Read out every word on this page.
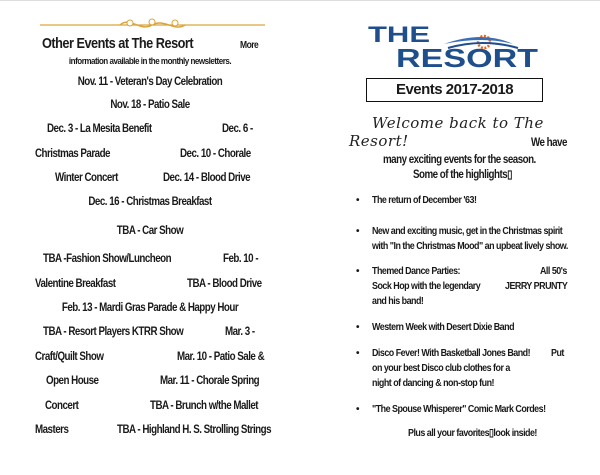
Other Events at The Resort	More
information available in the monthly newsletters.
Nov. 11 - Veteran's Day Celebration
Nov. 18 - Patio Sale
Dec. 3 - La Mesita Benefit	Dec. 6 -
Christmas Parade	Dec. 10 - Chorale
Winter Concert	Dec. 14 - Blood Drive
Dec. 16 - Christmas Breakfast
TBA - Car Show
TBA -Fashion Show/Luncheon	Feb. 10 -
Valentine Breakfast	TBA - Blood Drive
Feb. 13 - Mardi Gras Parade & Happy Hour
TBA - Resort Players KTRR Show	Mar. 3 -
Craft/Quilt Show	Mar. 10 - Patio Sale &
Open House	Mar. 11 - Chorale Spring
Concert	TBA - Brunch w/the Mallet
Masters	TBA - Highland H. S. Strolling Strings
THE
RESORT
Events 2017-2018
Welcome back to The
Resort!	We have
many exciting events for the season.
Some of the highlights▯
• The return of December '63!
• New and exciting music, get in the Christmas spirit
with "In the Christmas Mood" an upbeat lively show.
• Themed Dance Parties:	All 50's
Sock Hop with the legendary JERRY PRUNTY
and his band!
• Western Week with Desert Dixie Band
• Disco Fever! With Basketball Jones Band! Put
on your best Disco club clothes for a
night of dancing & non-stop fun!
• "The Spouse Whisperer" Comic Mark Cordes!
Plus all your favorites▯look inside!
